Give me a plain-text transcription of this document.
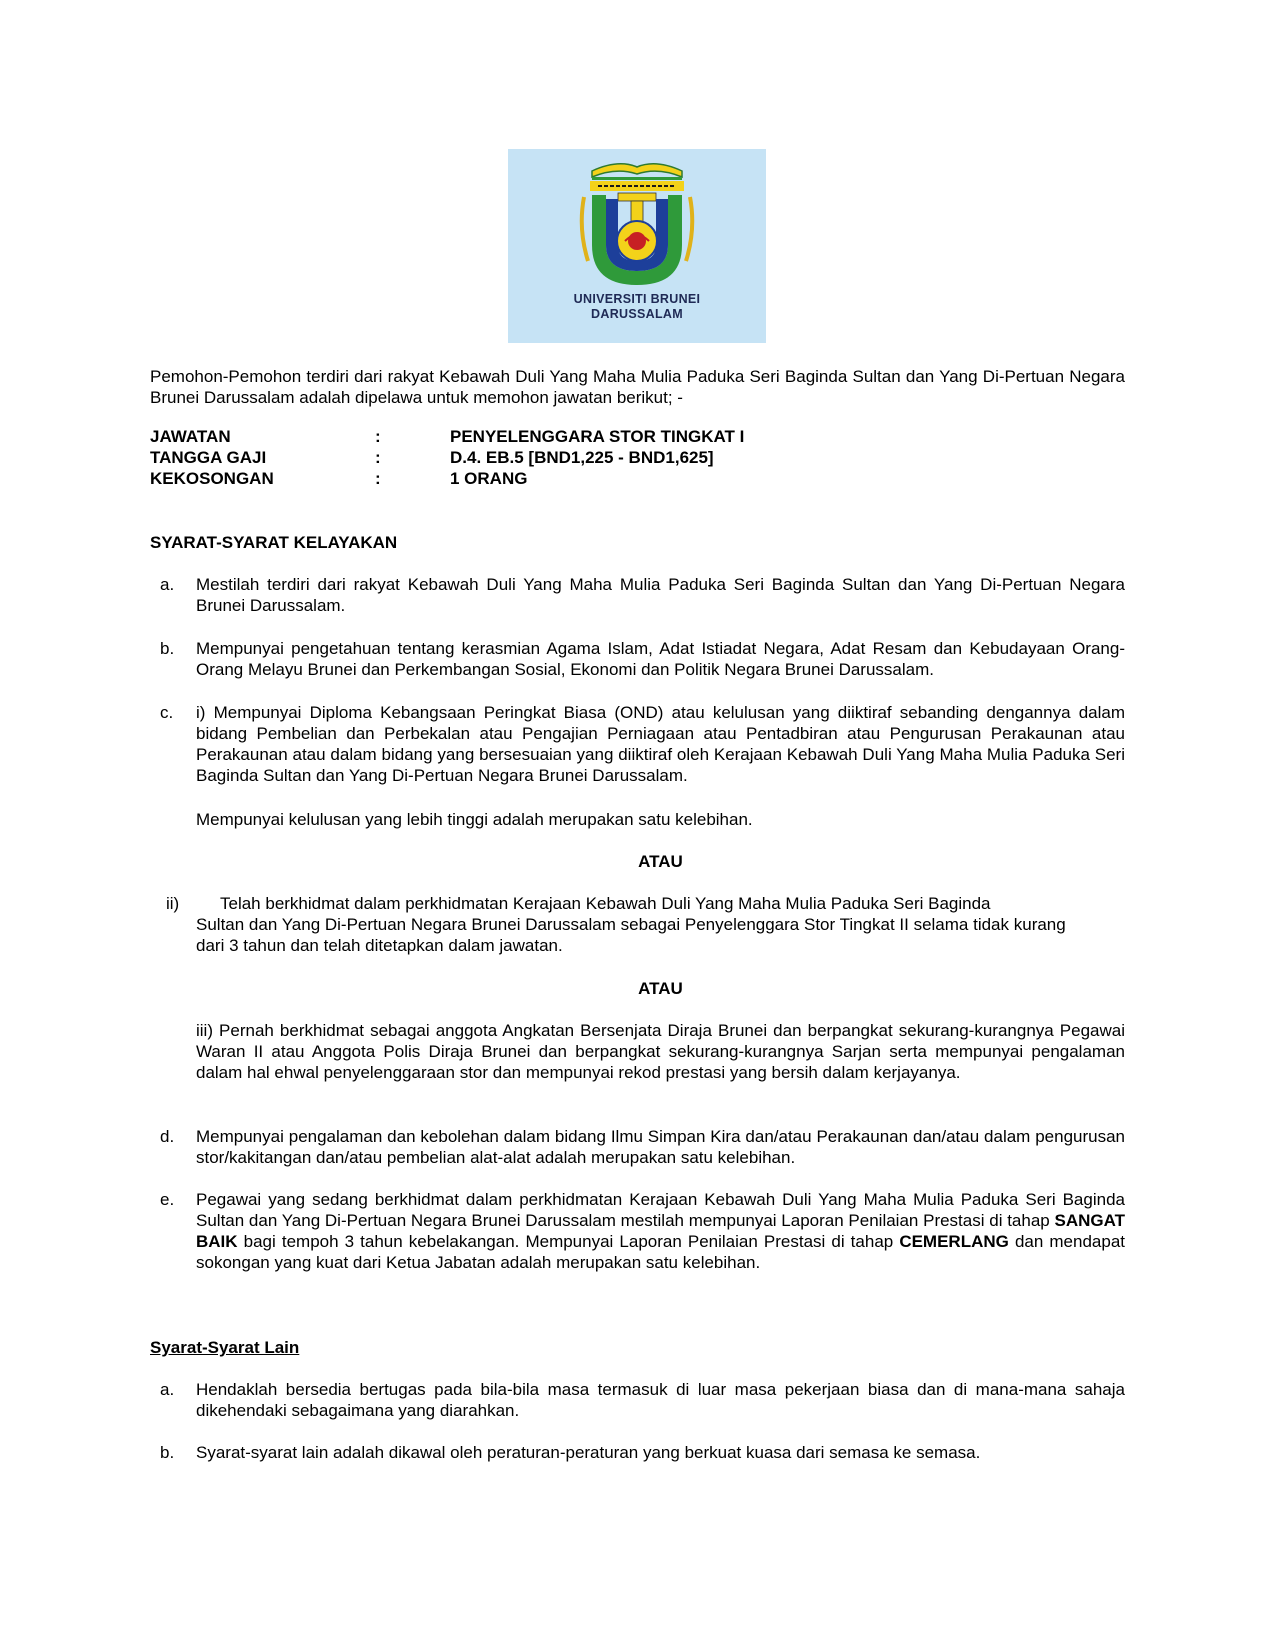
UNIVERSITI BRUNEI
DARUSSALAM
Pemohon-Pemohon terdiri dari rakyat Kebawah Duli Yang Maha Mulia Paduka Seri Baginda Sultan dan Yang Di-Pertuan Negara Brunei Darussalam adalah dipelawa untuk memohon jawatan berikut; -
JAWATAN	:	PENYELENGGARA STOR TINGKAT I
TANGGA GAJI	:	D.4. EB.5 [BND1,225 - BND1,625]
KEKOSONGAN	:	1 ORANG
SYARAT-SYARAT KELAYAKAN
a. Mestilah terdiri dari rakyat Kebawah Duli Yang Maha Mulia Paduka Seri Baginda Sultan dan Yang Di-Pertuan Negara Brunei Darussalam.
b. Mempunyai pengetahuan tentang kerasmian Agama Islam, Adat Istiadat Negara, Adat Resam dan Kebudayaan Orang-Orang Melayu Brunei dan Perkembangan Sosial, Ekonomi dan Politik Negara Brunei Darussalam.
c. i) Mempunyai Diploma Kebangsaan Peringkat Biasa (OND) atau kelulusan yang diiktiraf sebanding dengannya dalam bidang Pembelian dan Perbekalan atau Pengajian Perniagaan atau Pentadbiran atau Pengurusan Perakaunan atau Perakaunan atau dalam bidang yang bersesuaian yang diiktiraf oleh Kerajaan Kebawah Duli Yang Maha Mulia Paduka Seri Baginda Sultan dan Yang Di-Pertuan Negara Brunei Darussalam.
Mempunyai kelulusan yang lebih tinggi adalah merupakan satu kelebihan.
ATAU
ii) Telah berkhidmat dalam perkhidmatan Kerajaan Kebawah Duli Yang Maha Mulia Paduka Seri Baginda
Sultan dan Yang Di-Pertuan Negara Brunei Darussalam sebagai Penyelenggara Stor Tingkat II selama tidak kurang dari 3 tahun dan telah ditetapkan dalam jawatan.
ATAU
iii) Pernah berkhidmat sebagai anggota Angkatan Bersenjata Diraja Brunei dan berpangkat sekurang-kurangnya Pegawai Waran II atau Anggota Polis Diraja Brunei dan berpangkat sekurang-kurangnya Sarjan serta mempunyai pengalaman dalam hal ehwal penyelenggaraan stor dan mempunyai rekod prestasi yang bersih dalam kerjayanya.
d. Mempunyai pengalaman dan kebolehan dalam bidang Ilmu Simpan Kira dan/atau Perakaunan dan/atau dalam pengurusan stor/kakitangan dan/atau pembelian alat-alat adalah merupakan satu kelebihan.
e. Pegawai yang sedang berkhidmat dalam perkhidmatan Kerajaan Kebawah Duli Yang Maha Mulia Paduka Seri Baginda Sultan dan Yang Di-Pertuan Negara Brunei Darussalam mestilah mempunyai Laporan Penilaian Prestasi di tahap SANGAT BAIK bagi tempoh 3 tahun kebelakangan. Mempunyai Laporan Penilaian Prestasi di tahap CEMERLANG dan mendapat sokongan yang kuat dari Ketua Jabatan adalah merupakan satu kelebihan.
Syarat-Syarat Lain
a. Hendaklah bersedia bertugas pada bila-bila masa termasuk di luar masa pekerjaan biasa dan di mana-mana sahaja dikehendaki sebagaimana yang diarahkan.
b. Syarat-syarat lain adalah dikawal oleh peraturan-peraturan yang berkuat kuasa dari semasa ke semasa.
